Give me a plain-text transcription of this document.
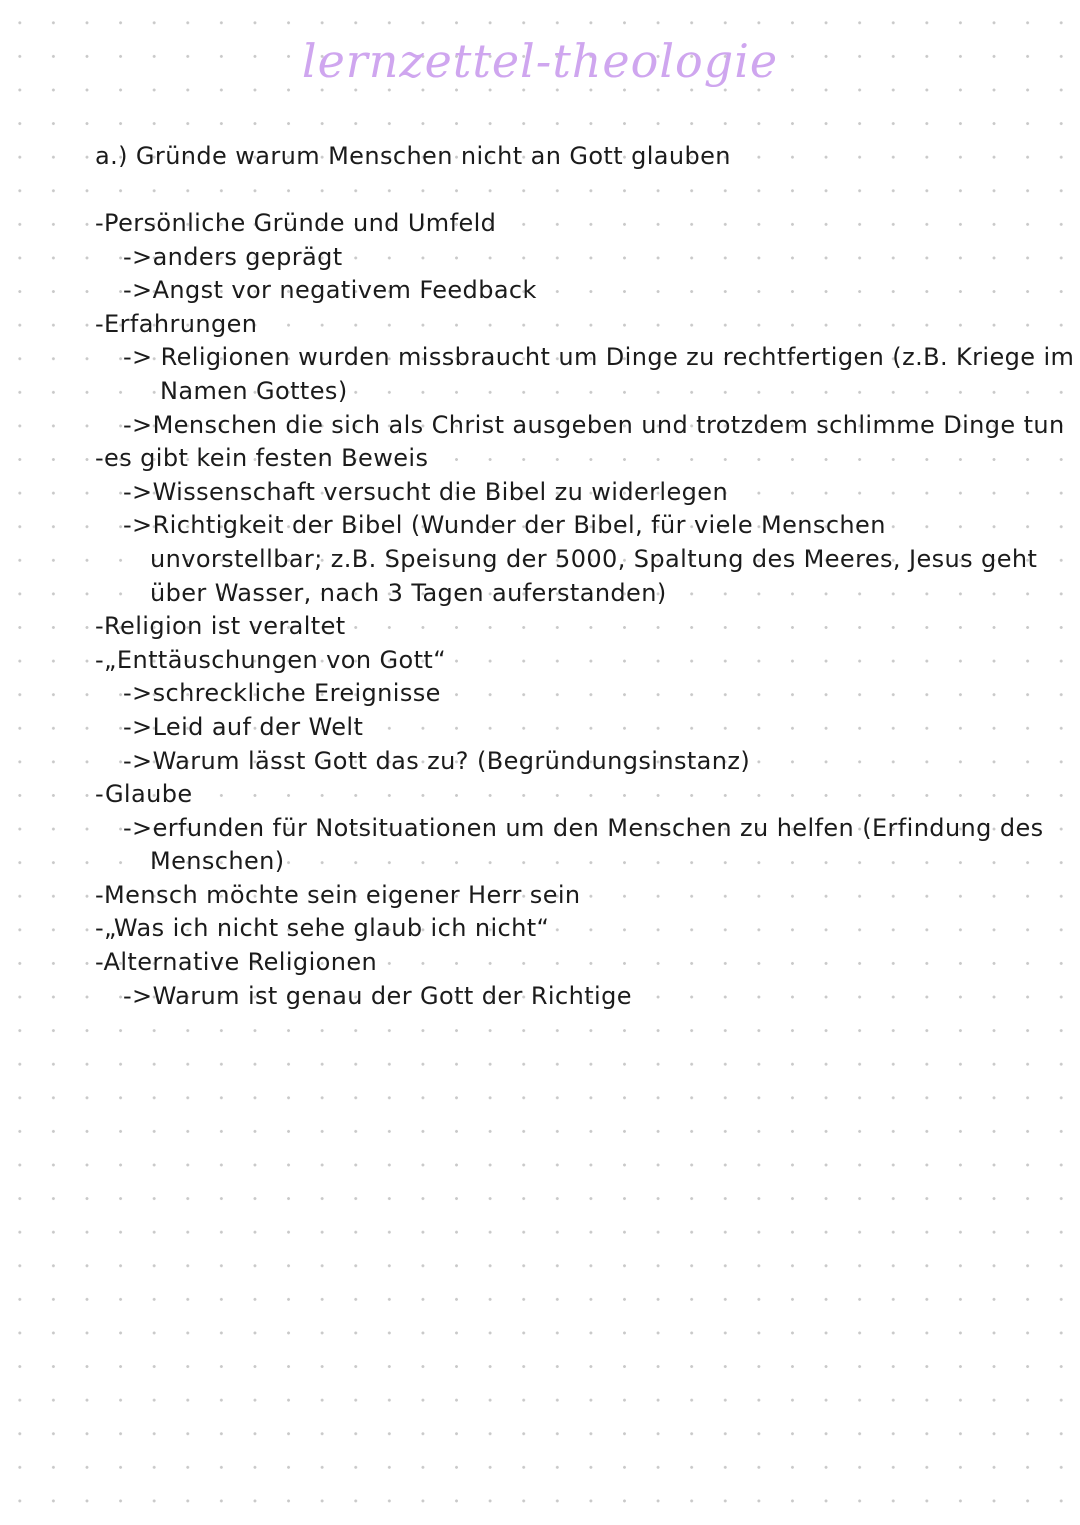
lernzettel-theologie
a.) Gründe warum Menschen nicht an Gott glauben
-Persönliche Gründe und Umfeld
->anders geprägt
->Angst vor negativem Feedback
-Erfahrungen
-> Religionen wurden missbraucht um Dinge zu rechtfertigen (z.B. Kriege im
Namen Gottes)
->Menschen die sich als Christ ausgeben und trotzdem schlimme Dinge tun
-es gibt kein festen Beweis
->Wissenschaft versucht die Bibel zu widerlegen
->Richtigkeit der Bibel (Wunder der Bibel, für viele Menschen
unvorstellbar; z.B. Speisung der 5000, Spaltung des Meeres, Jesus geht
über Wasser, nach 3 Tagen auferstanden)
-Religion ist veraltet
-„Enttäuschungen von Gott“
->schreckliche Ereignisse
->Leid auf der Welt
->Warum lässt Gott das zu? (Begründungsinstanz)
-Glaube
->erfunden für Notsituationen um den Menschen zu helfen (Erfindung des
Menschen)
-Mensch möchte sein eigener Herr sein
-„Was ich nicht sehe glaub ich nicht“
-Alternative Religionen
->Warum ist genau der Gott der Richtige
